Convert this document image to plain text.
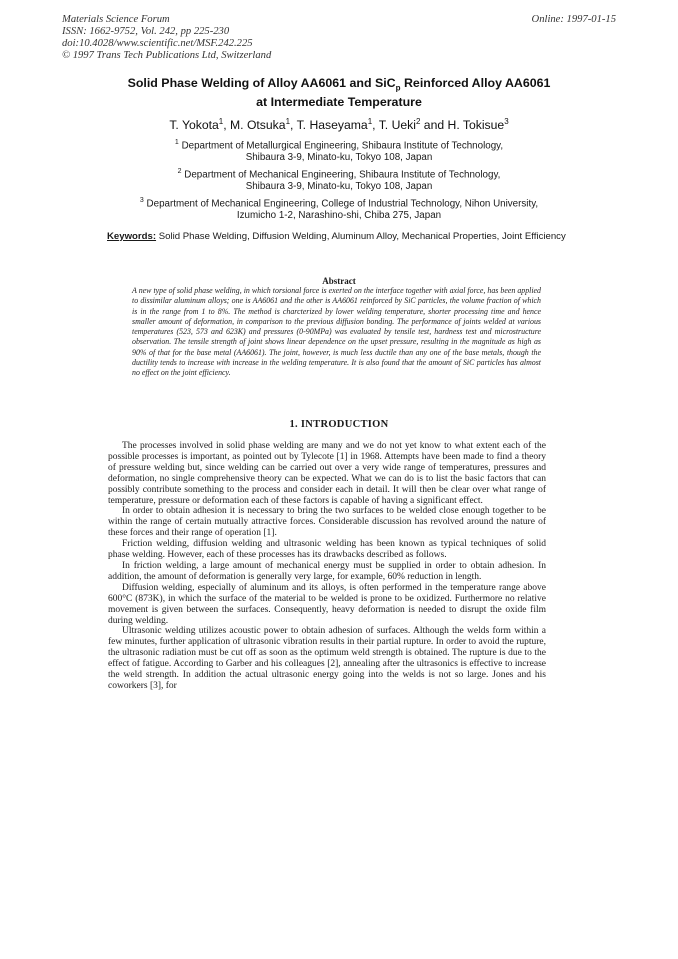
Materials Science Forum
ISSN: 1662-9752, Vol. 242, pp 225-230
doi:10.4028/www.scientific.net/MSF.242.225
© 1997 Trans Tech Publications Ltd, Switzerland
Online: 1997-01-15
Solid Phase Welding of Alloy AA6061 and SiC$_p$ Reinforced Alloy AA6061
at Intermediate Temperature
T. Yokota$^1$, M. Otsuka$^1$, T. Haseyama$^1$, T. Ueki$^2$ and H. Tokisue$^3$
$^1$ Department of Metallurgical Engineering, Shibaura Institute of Technology,
Shibaura 3-9, Minato-ku, Tokyo 108, Japan
$^2$ Department of Mechanical Engineering, Shibaura Institute of Technology,
Shibaura 3-9, Minato-ku, Tokyo 108, Japan
$^3$ Department of Mechanical Engineering, College of Industrial Technology, Nihon University,
Izumicho 1-2, Narashino-shi, Chiba 275, Japan
Keywords: Solid Phase Welding, Diffusion Welding, Aluminum Alloy, Mechanical Properties, Joint Efficiency
Abstract
A new type of solid phase welding, in which torsional force is exerted on the interface together with axial force, has been applied to dissimilar aluminum alloys; one is AA6061 and the other is AA6061 reinforced by SiC particles, the volume fraction of which is in the range from 1 to 8%. The method is charcterized by lower welding temperature, shorter processing time and hence smaller amount of deformation, in comparison to the previous diffusion bonding. The performance of joints welded at various temperatures (523, 573 and 623K) and pressures (0-90MPa) was evaluated by tensile test, hardness test and microstructure observation. The tensile strength of joint shows linear dependence on the upset pressure, resulting in the magnitude as high as 90% of that for the base metal (AA6061). The joint, however, is much less ductile than any one of the base metals, though the ductility tends to increase with increase in the welding temperature. It is also found that the amount of SiC particles has almost no effect on the joint efficiency.
1. INTRODUCTION

The processes involved in solid phase welding are many and we do not yet know to what extent each of the possible processes is important, as pointed out by Tylecote [1] in 1968. Attempts have been made to find a theory of pressure welding but, since welding can be carried out over a very wide range of temperatures, pressures and deformation, no single comprehensive theory can be expected. What we can do is to list the basic factors that can possibly contribute something to the process and consider each in detail. It will then be clear over what range of temperature, pressure or deformation each of these factors is capable of having a significant effect.

In order to obtain adhesion it is necessary to bring the two surfaces to be welded close enough together to be within the range of certain mutually attractive forces. Considerable discussion has revolved around the nature of these forces and their range of operation [1].

Friction welding, diffusion welding and ultrasonic welding has been known as typical techniques of solid phase welding. However, each of these processes has its drawbacks described as follows.

In friction welding, a large amount of mechanical energy must be supplied in order to obtain adhesion. In addition, the amount of deformation is generally very large, for example, 60% reduction in length.

Diffusion welding, especially of aluminum and its alloys, is often performed in the temperature range above 600°C (873K), in which the surface of the material to be welded is prone to be oxidized. Furthermore no relative movement is given between the surfaces. Consequently, heavy deformation is needed to disrupt the oxide film during welding.

Ultrasonic welding utilizes acoustic power to obtain adhesion of surfaces. Although the welds form within a few minutes, further application of ultrasonic vibration results in their partial rupture. In order to avoid the rupture, the ultrasonic radiation must be cut off as soon as the optimum weld strength is obtained. The rupture is due to the effect of fatigue. According to Garber and his colleagues [2], annealing after the ultrasonics is effective to increase the weld strength. In addition the actual ultrasonic energy going into the welds is not so large. Jones and his coworkers [3], for
